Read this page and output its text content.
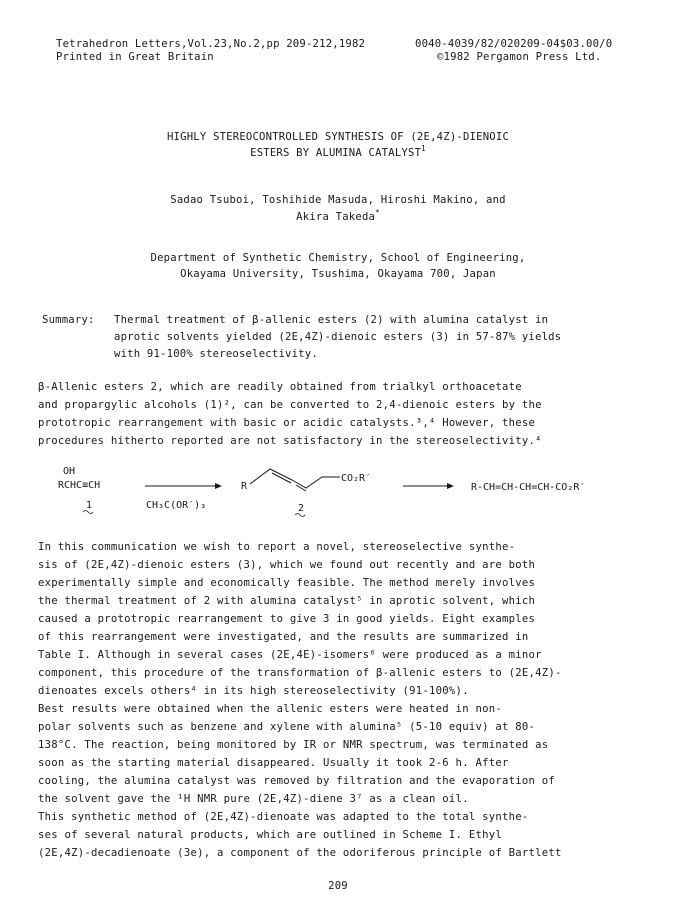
Tetrahedron Letters,Vol.23,No.2,pp 209-212,1982
Printed in Great Britain
0040-4039/82/020209-04$03.00/0
©1982 Pergamon Press Ltd.
HIGHLY STEREOCONTROLLED SYNTHESIS OF (2E,4Z)-DIENOIC
ESTERS BY ALUMINA CATALYST$^1$
Sadao Tsuboi, Toshihide Masuda, Hiroshi Makino, and
Akira Takeda*
Department of Synthetic Chemistry, School of Engineering,
Okayama University, Tsushima, Okayama 700, Japan
Summary: Thermal treatment of β-allenic esters (2) with alumina catalyst in
aprotic solvents yielded (2E,4Z)-dienoic esters (3) in 57-87% yields
with 91-100% stereoselectivity.
β-Allenic esters 2, which are readily obtained from trialkyl orthoacetate
and propargylic alcohols (1)², can be converted to 2,4-dienoic esters by the
prototropic rearrangement with basic or acidic catalysts.³,⁴ However, these
procedures hitherto reported are not satisfactory in the stereoselectivity.⁴
OH
RCHC≡CH
1	CH₃C(OR′)₃
R
CO₂R′
2
R-CH=CH-CH=CH-CO₂R′
In this communication we wish to report a novel, stereoselective synthe-
sis of (2E,4Z)-dienoic esters (3), which we found out recently and are both
experimentally simple and economically feasible. The method merely involves
the thermal treatment of 2 with alumina catalyst⁵ in aprotic solvent, which
caused a prototropic rearrangement to give 3 in good yields. Eight examples
of this rearrangement were investigated, and the results are summarized in
Table I. Although in several cases (2E,4E)-isomers⁶ were produced as a minor
component, this procedure of the transformation of β-allenic esters to (2E,4Z)-
dienoates excels others⁴ in its high stereoselectivity (91-100%).
Best results were obtained when the allenic esters were heated in non-
polar solvents such as benzene and xylene with alumina⁵ (5-10 equiv) at 80-
138°C. The reaction, being monitored by IR or NMR spectrum, was terminated as
soon as the starting material disappeared. Usually it took 2-6 h. After
cooling, the alumina catalyst was removed by filtration and the evaporation of
the solvent gave the ¹H NMR pure (2E,4Z)-diene 3⁷ as a clean oil.
This synthetic method of (2E,4Z)-dienoate was adapted to the total synthe-
ses of several natural products, which are outlined in Scheme I. Ethyl
(2E,4Z)-decadienoate (3e), a component of the odoriferous principle of Bartlett
209
